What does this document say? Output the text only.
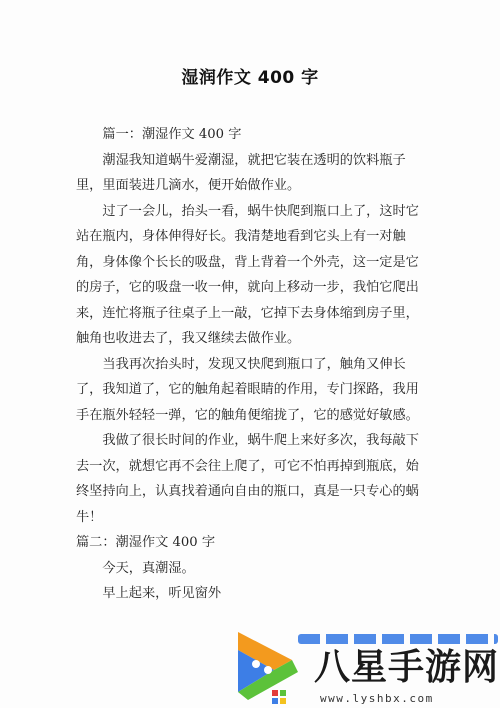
湿润作文 400 字

篇一：潮湿作文 400 字

潮湿我知道蜗牛爱潮湿，就把它装在透明的饮料瓶子里，里面装进几滴水，便开始做作业。

过了一会儿，抬头一看，蜗牛快爬到瓶口上了，这时它站在瓶内，身体伸得好长。我清楚地看到它头上有一对触角，身体像个长长的吸盘，背上背着一个外壳，这一定是它的房子，它的吸盘一收一伸，就向上移动一步，我怕它爬出来，连忙将瓶子往桌子上一敲，它掉下去身体缩到房子里，触角也收进去了，我又继续去做作业。

当我再次抬头时，发现又快爬到瓶口了，触角又伸长了，我知道了，它的触角起着眼睛的作用，专门探路，我用手在瓶外轻轻一弹，它的触角便缩拢了，它的感觉好敏感。

我做了很长时间的作业，蜗牛爬上来好多次，我每敲下去一次，就想它再不会往上爬了，可它不怕再掉到瓶底，始终坚持向上，认真找着通向自由的瓶口，真是一只专心的蜗牛！

篇二：潮湿作文 400 字

今天，真潮湿。

早上起来，听见窗外

八星手游网
www.lyshbx.com
